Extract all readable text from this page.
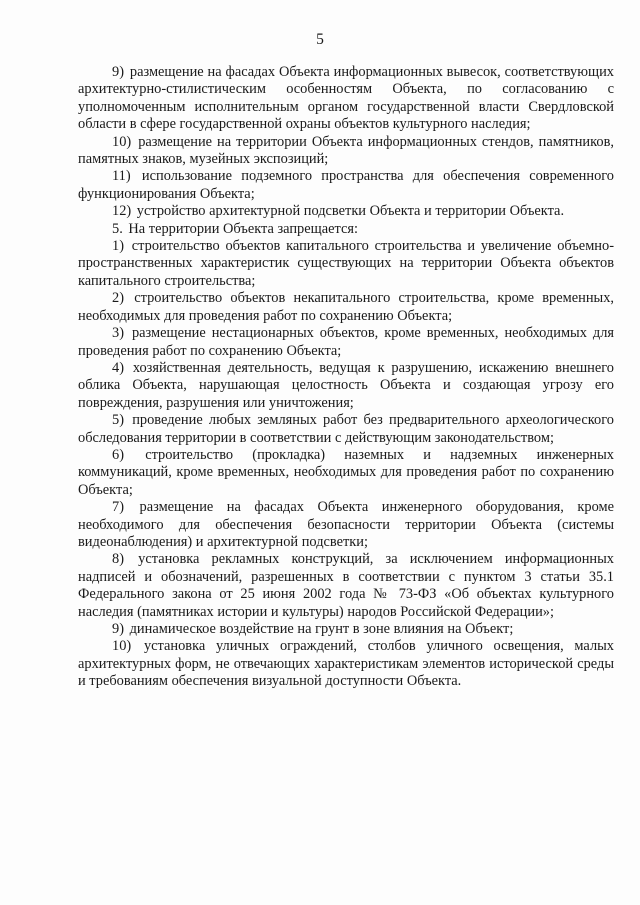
5

9) размещение на фасадах Объекта информационных вывесок, соответствующих архитектурно-стилистическим особенностям Объекта, по согласованию с уполномоченным исполнительным органом государственной власти Свердловской области в сфере государственной охраны объектов культурного наследия;

10) размещение на территории Объекта информационных стендов, памятников, памятных знаков, музейных экспозиций;

11) использование подземного пространства для обеспечения современного функционирования Объекта;

12) устройство архитектурной подсветки Объекта и территории Объекта.

5. На территории Объекта запрещается:

1) строительство объектов капитального строительства и увеличение объемно-пространственных характеристик существующих на территории Объекта объектов капитального строительства;

2) строительство объектов некапитального строительства, кроме временных, необходимых для проведения работ по сохранению Объекта;

3) размещение нестационарных объектов, кроме временных, необходимых для проведения работ по сохранению Объекта;

4) хозяйственная деятельность, ведущая к разрушению, искажению внешнего облика Объекта, нарушающая целостность Объекта и создающая угрозу его повреждения, разрушения или уничтожения;

5) проведение любых земляных работ без предварительного археологического обследования территории в соответствии с действующим законодательством;

6) строительство (прокладка) наземных и надземных инженерных коммуникаций, кроме временных, необходимых для проведения работ по сохранению Объекта;

7) размещение на фасадах Объекта инженерного оборудования, кроме необходимого для обеспечения безопасности территории Объекта (системы видеонаблюдения) и архитектурной подсветки;

8) установка рекламных конструкций, за исключением информационных надписей и обозначений, разрешенных в соответствии с пунктом 3 статьи 35.1 Федерального закона от 25 июня 2002 года № 73-ФЗ «Об объектах культурного наследия (памятниках истории и культуры) народов Российской Федерации»;

9) динамическое воздействие на грунт в зоне влияния на Объект;

10) установка уличных ограждений, столбов уличного освещения, малых архитектурных форм, не отвечающих характеристикам элементов исторической среды и требованиям обеспечения визуальной доступности Объекта.
